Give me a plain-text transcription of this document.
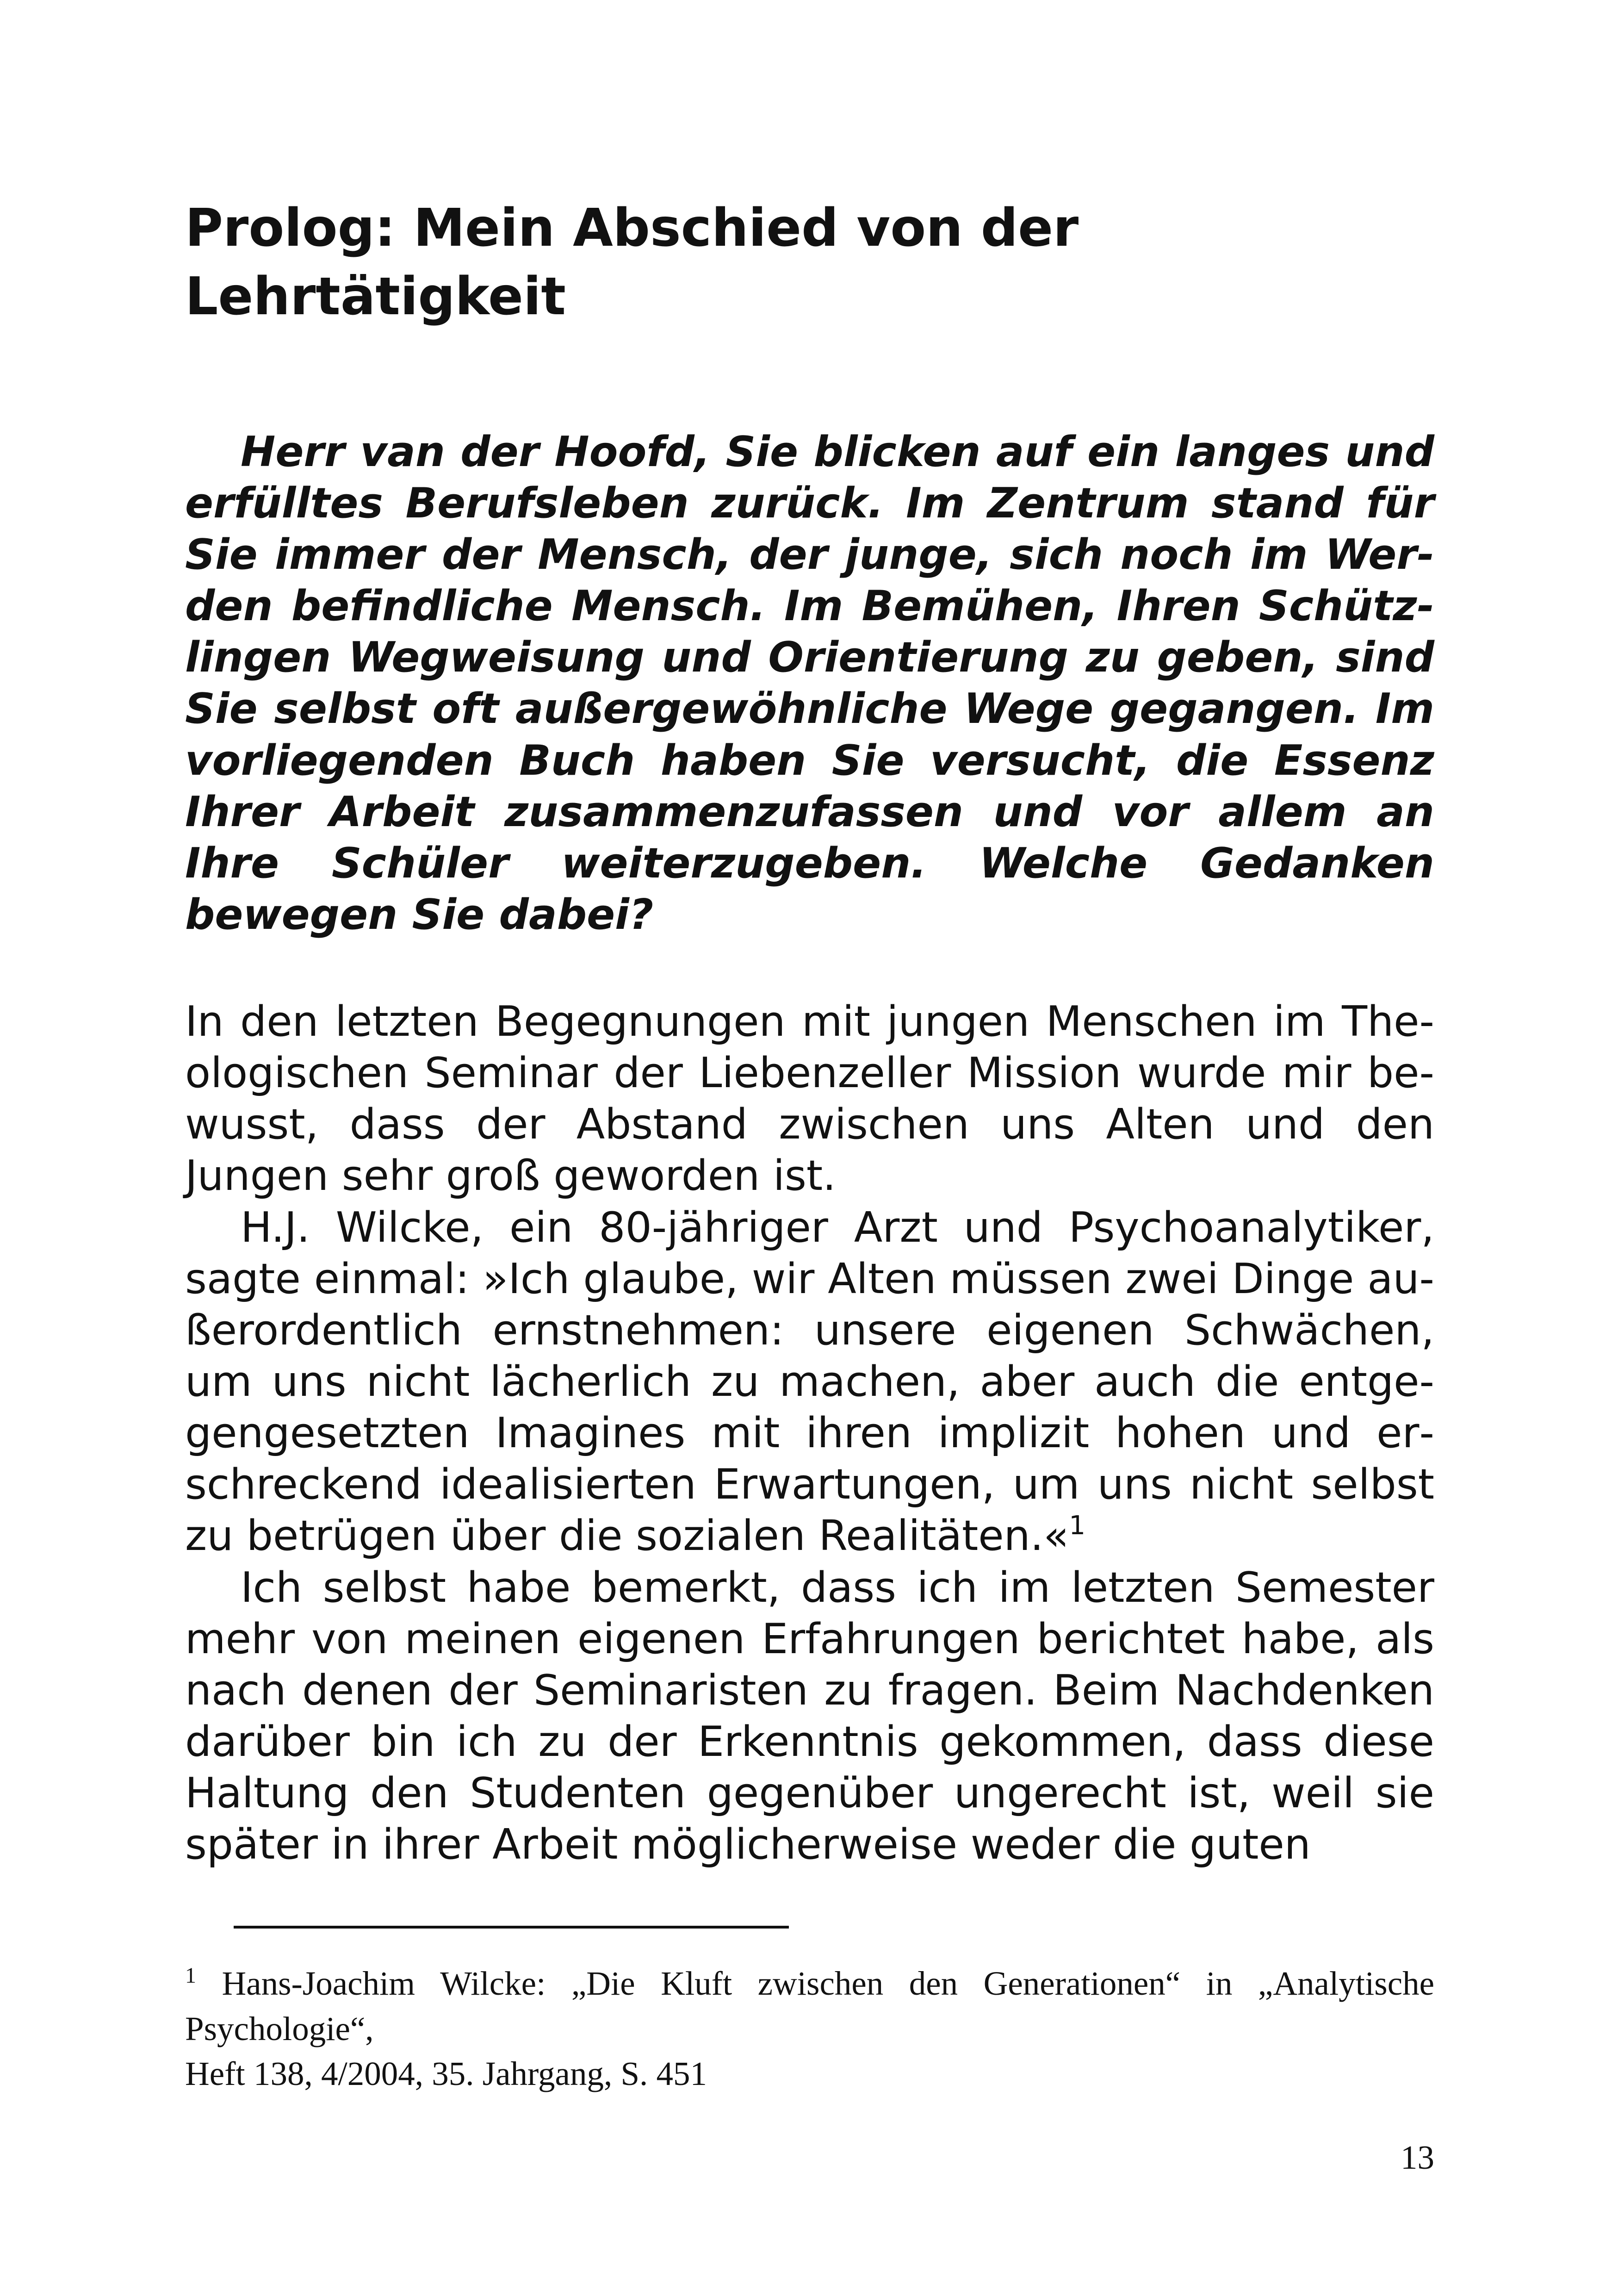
Prolog: Mein Abschied von der Lehrtätigkeit

Herr van der Hoofd, Sie blicken auf ein langes und erfülltes Berufsleben zurück. Im Zentrum stand für Sie immer der Mensch, der junge, sich noch im Werden befindliche Mensch. Im Bemühen, Ihren Schützlingen Wegweisung und Orientierung zu geben, sind Sie selbst oft außergewöhnliche Wege gegangen. Im vorliegenden Buch haben Sie versucht, die Essenz Ihrer Arbeit zusammenzufassen und vor allem an Ihre Schüler weiterzugeben. Welche Gedanken bewegen Sie dabei?

In den letzten Begegnungen mit jungen Menschen im Theologischen Seminar der Liebenzeller Mission wurde mir bewusst, dass der Abstand zwischen uns Alten und den Jungen sehr groß geworden ist.

H.J. Wilcke, ein 80-jähriger Arzt und Psychoanalytiker, sagte einmal: »Ich glaube, wir Alten müssen zwei Dinge außerordentlich ernstnehmen: unsere eigenen Schwächen, um uns nicht lächerlich zu machen, aber auch die entgegengesetzten Imagines mit ihren implizit hohen und erschreckend idealisierten Erwartungen, um uns nicht selbst zu betrügen über die sozialen Realitäten.«$^1$

Ich selbst habe bemerkt, dass ich im letzten Semester mehr von meinen eigenen Erfahrungen berichtet habe, als nach denen der Seminaristen zu fragen. Beim Nachdenken darüber bin ich zu der Erkenntnis gekommen, dass diese Haltung den Studenten gegenüber ungerecht ist, weil sie später in ihrer Arbeit möglicherweise weder die guten

$^1$ Hans-Joachim Wilcke: „Die Kluft zwischen den Generationen“ in „Analytische Psychologie“,
Heft 138, 4/2004, 35. Jahrgang, S. 451
13
